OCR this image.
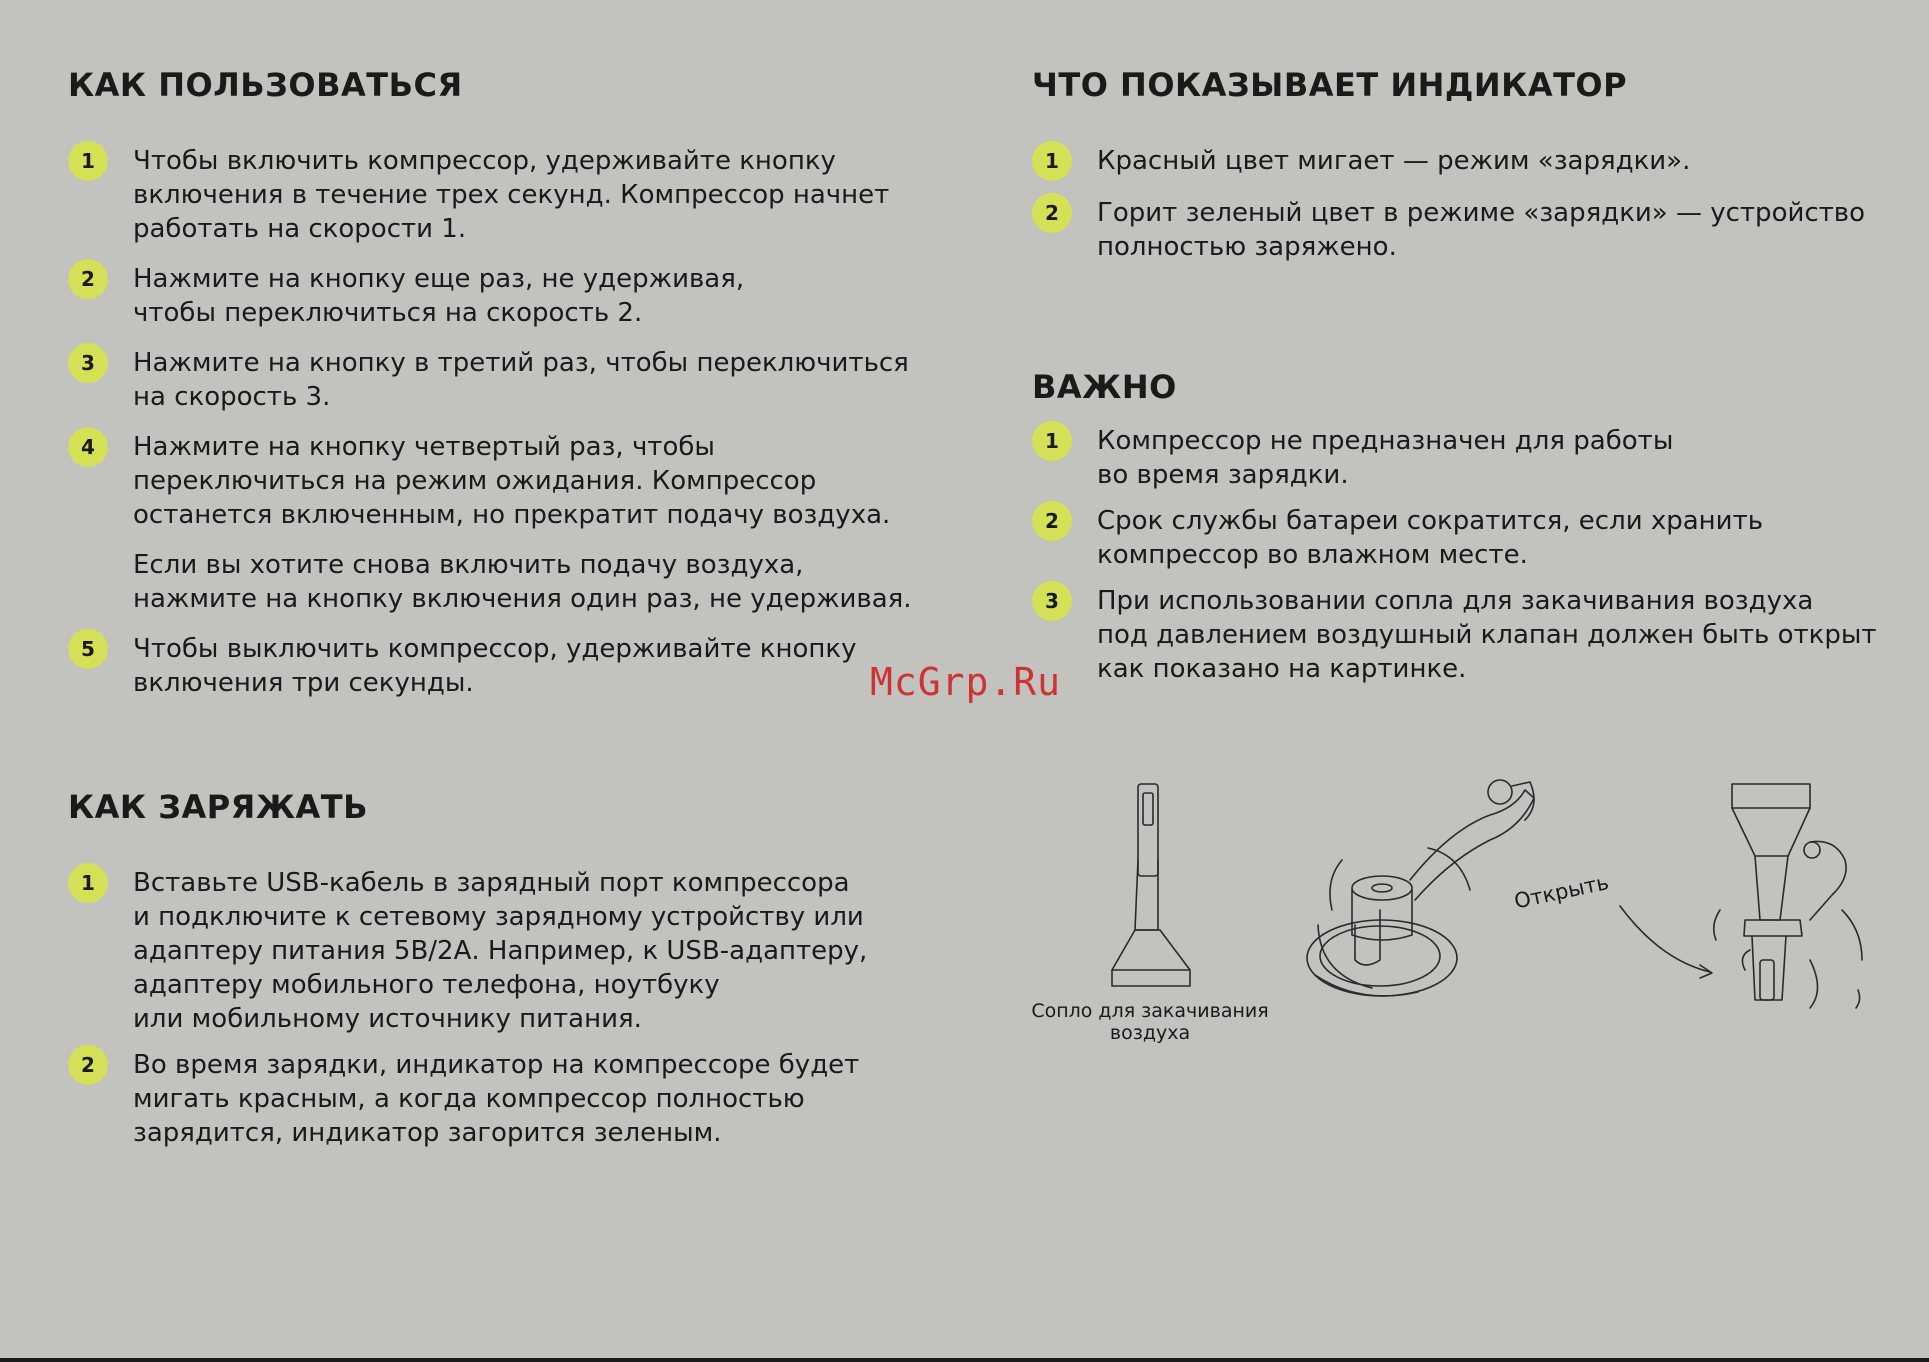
КАК ПОЛЬЗОВАТЬСЯ
1	Чтобы включить компрессор, удерживайте кнопку
включения в течение трех секунд. Компрессор начнет
работать на скорости 1.
2	Нажмите на кнопку еще раз, не удерживая,
чтобы переключиться на скорость 2.
3	Нажмите на кнопку в третий раз, чтобы переключиться
на скорость 3.
4	Нажмите на кнопку четвертый раз, чтобы
переключиться на режим ожидания. Компрессор
останется включенным, но прекратит подачу воздуха.
Если вы хотите снова включить подачу воздуха,
нажмите на кнопку включения один раз, не удерживая.
5	Чтобы выключить компрессор, удерживайте кнопку
включения три секунды.
ЧТО ПОКАЗЫВАЕТ ИНДИКАТОР
1	Красный цвет мигает — режим «зарядки».
2	Горит зеленый цвет в режиме «зарядки» — устройство
полностью заряжено.
ВАЖНО
1	Компрессор не предназначен для работы
во время зарядки.
2	Срок службы батареи сократится, если хранить
компрессор во влажном месте.
3	При использовании сопла для закачивания воздуха
под давлением воздушный клапан должен быть открыт
как показано на картинке.
КАК ЗАРЯЖАТЬ
1	Вставьте USB-кабель в зарядный порт компрессора
и подключите к сетевому зарядному устройству или
адаптеру питания 5В/2А. Например, к USB-адаптеру,
адаптеру мобильного телефона, ноутбуку
или мобильному источнику питания.
2	Во время зарядки, индикатор на компрессоре будет
мигать красным, а когда компрессор полностью
зарядится, индикатор загорится зеленым.
McGrp.Ru
Сопло для закачивания
воздуха
Открыть
